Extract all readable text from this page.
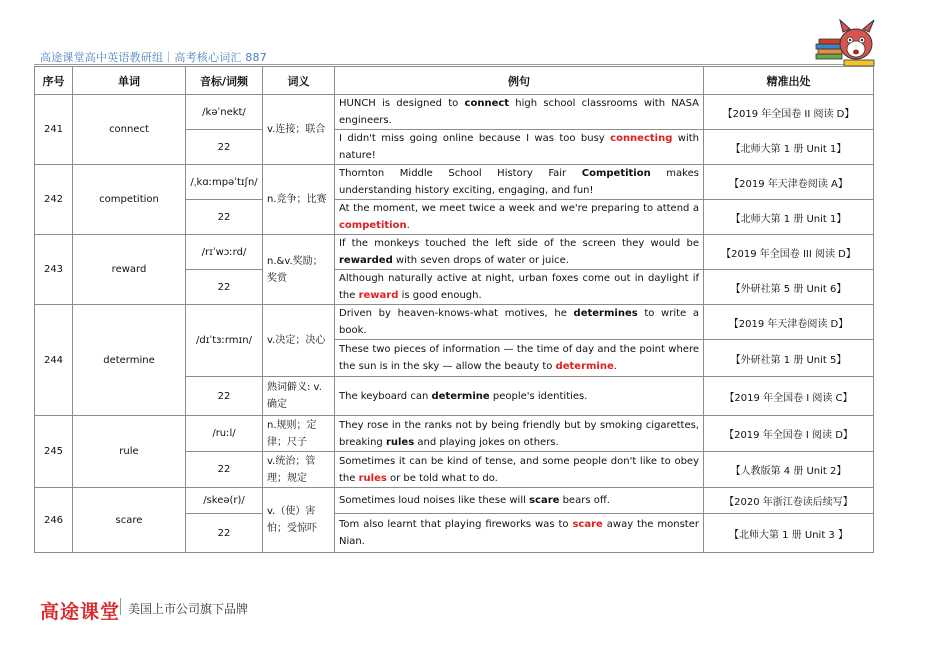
高途课堂高中英语教研组｜高考核心词汇 887
序号	单词	音标/词频	词义	例句	精准出处
241	connect	/kəˈnekt/	v.连接；联合	HUNCH is designed to connect high school classrooms with NASA engineers.	【2019 年全国卷 II 阅读 D】
		22		I didn't miss going online because I was too busy connecting with nature!	【北师大第 1 册 Unit 1】
242	competition	/ˌkɑːmpəˈtɪʃn/	n.竞争；比赛	Thornton Middle School History Fair Competition makes understanding history exciting, engaging, and fun!	【2019 年天津卷阅读 A】
		22		At the moment, we meet twice a week and we're preparing to attend a competition.	【北师大第 1 册 Unit 1】
243	reward	/rɪˈwɔːrd/	n.&v.奖励；奖赏	If the monkeys touched the left side of the screen they would be rewarded with seven drops of water or juice.	【2019 年全国卷 III 阅读 D】
		22		Although naturally active at night, urban foxes come out in daylight if the reward is good enough.	【外研社第 5 册 Unit 6】
244	determine	/dɪˈtɜːrmɪn/	v.决定；决心	Driven by heaven-knows-what motives, he determines to write a book.	【2019 年天津卷阅读 D】
				These two pieces of information — the time of day and the point where the sun is in the sky — allow the beauty to determine.	【外研社第 1 册 Unit 5】
		22	熟词僻义: v.确定	The keyboard can determine people's identities.	【2019 年全国卷 I 阅读 C】
245	rule	/ruːl/	n.规则；定律；尺子	They rose in the ranks not by being friendly but by smoking cigarettes, breaking rules and playing jokes on others.	【2019 年全国卷 I 阅读 D】
		22	v.统治；管理；规定	Sometimes it can be kind of tense, and some people don't like to obey the rules or be told what to do.	【人教版第 4 册 Unit 2】
246	scare	/skeə(r)/	v.（使）害怕；受惊吓	Sometimes loud noises like these will scare bears off.	【2020 年浙江卷读后续写】
		22		Tom also learnt that playing fireworks was to scare away the monster Nian.	【北师大第 1 册 Unit 3 】
高途课堂 美国上市公司旗下品牌
